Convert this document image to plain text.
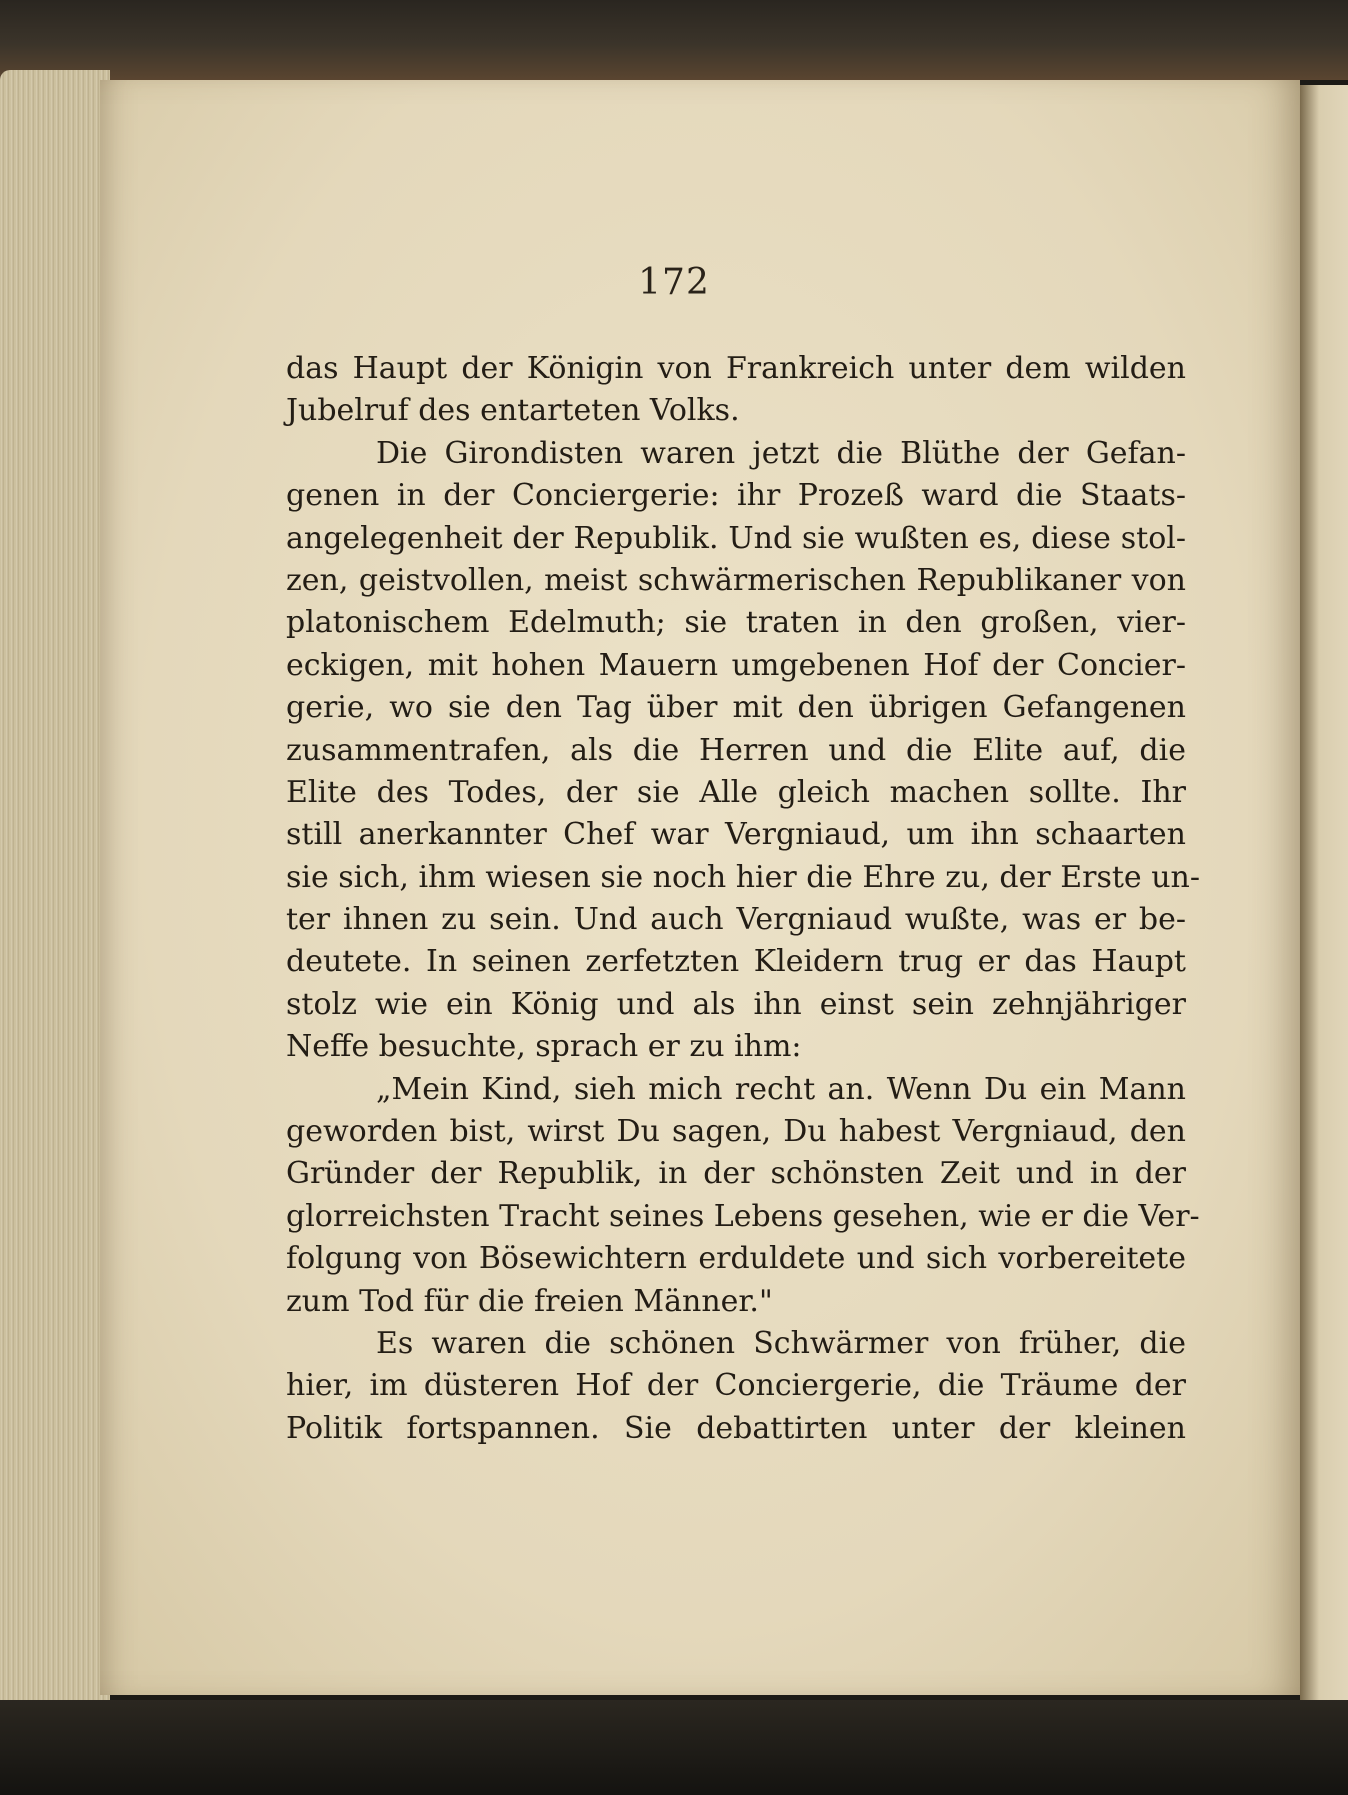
172
das Haupt der Königin von Frankreich unter dem wilden
Jubelruf des entarteten Volks.
Die Girondisten waren jetzt die Blüthe der Gefan-
genen in der Conciergerie: ihr Prozeß ward die Staats-
angelegenheit der Republik. Und sie wußten es, diese stol-
zen, geistvollen, meist schwärmerischen Republikaner von
platonischem Edelmuth; sie traten in den großen, vier-
eckigen, mit hohen Mauern umgebenen Hof der Concier-
gerie, wo sie den Tag über mit den übrigen Gefangenen
zusammentrafen, als die Herren und die Elite auf, die
Elite des Todes, der sie Alle gleich machen sollte. Ihr
still anerkannter Chef war Vergniaud, um ihn schaarten
sie sich, ihm wiesen sie noch hier die Ehre zu, der Erste un-
ter ihnen zu sein. Und auch Vergniaud wußte, was er be-
deutete. In seinen zerfetzten Kleidern trug er das Haupt
stolz wie ein König und als ihn einst sein zehnjähriger
Neffe besuchte, sprach er zu ihm:
„Mein Kind, sieh mich recht an. Wenn Du ein Mann
geworden bist, wirst Du sagen, Du habest Vergniaud, den
Gründer der Republik, in der schönsten Zeit und in der
glorreichsten Tracht seines Lebens gesehen, wie er die Ver-
folgung von Bösewichtern erduldete und sich vorbereitete
zum Tod für die freien Männer."
Es waren die schönen Schwärmer von früher, die
hier, im düsteren Hof der Conciergerie, die Träume der
Politik fortspannen. Sie debattirten unter der kleinen
